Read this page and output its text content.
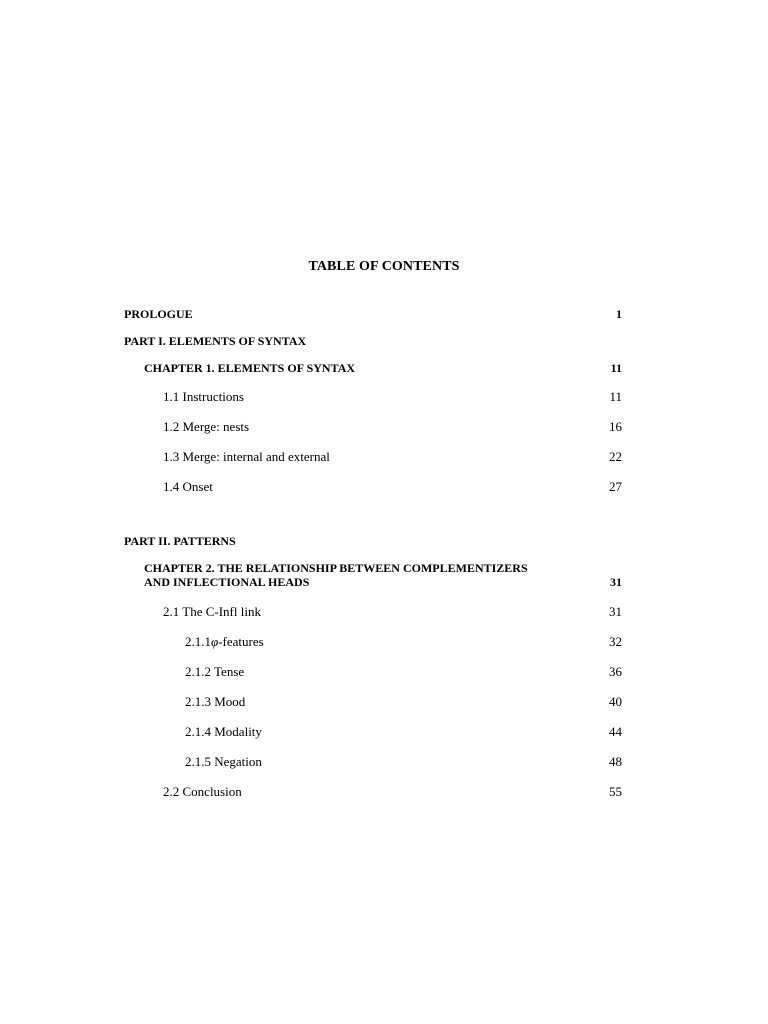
TABLE OF CONTENTS
PROLOGUE	1
PART I. ELEMENTS OF SYNTAX
CHAPTER 1. ELEMENTS OF SYNTAX	11
1.1 Instructions	11
1.2 Merge: nests	16
1.3 Merge: internal and external	22
1.4 Onset	27
PART II. PATTERNS
CHAPTER 2. THE RELATIONSHIP BETWEEN COMPLEMENTIZERS
AND INFLECTIONAL HEADS	31
2.1 The C-Infl link	31
2.1.1φ-features	32
2.1.2 Tense	36
2.1.3 Mood	40
2.1.4 Modality	44
2.1.5 Negation	48
2.2 Conclusion	55
